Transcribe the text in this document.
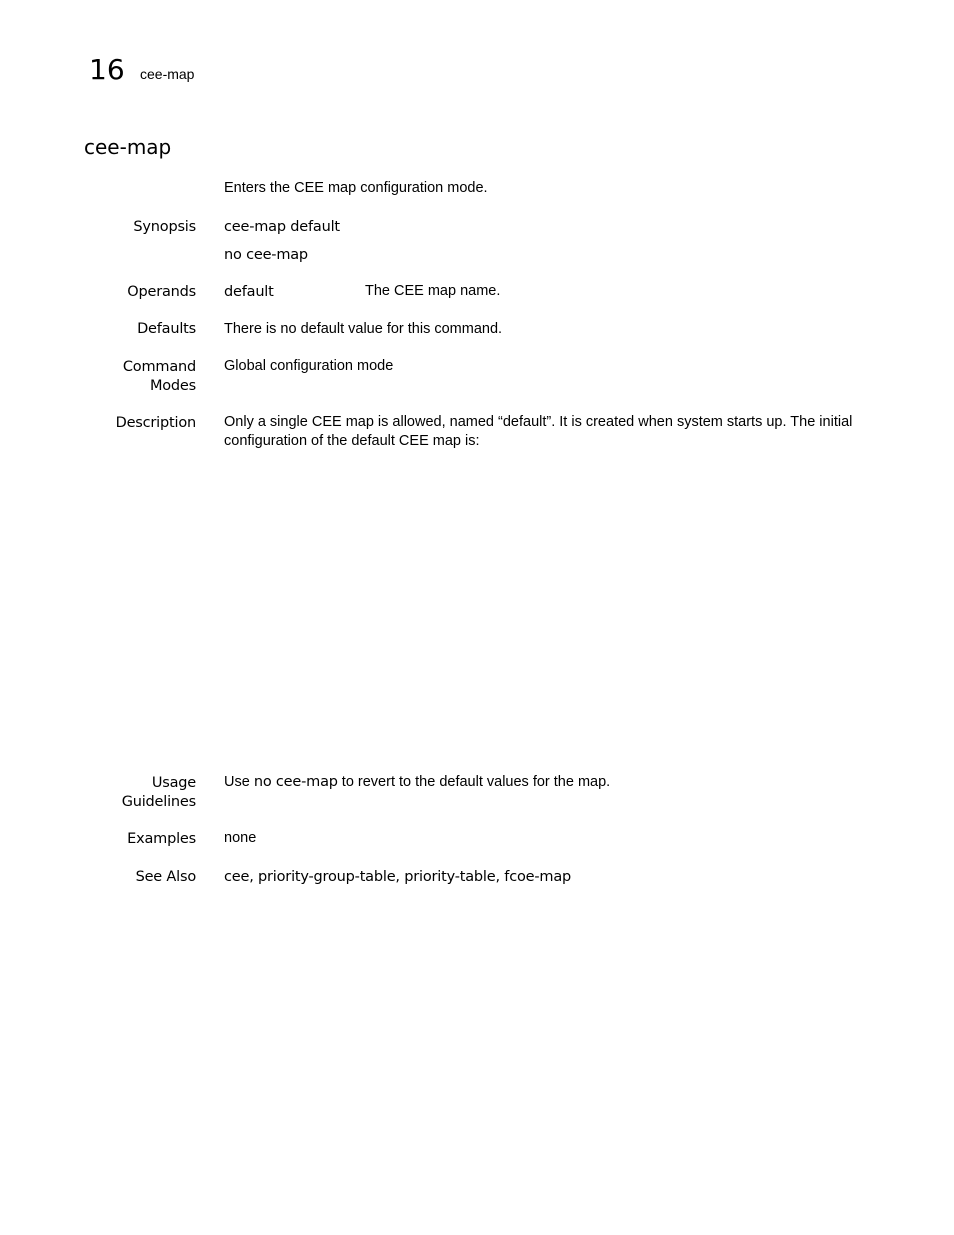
16 cee-map
cee-map
Enters the CEE map configuration mode.
Synopsis cee-map default
no cee-map
Operands default	The CEE map name.
Defaults There is no default value for this command.
Command
Modes
Global configuration mode
Description Only a single CEE map is allowed, named “default”. It is created when system starts up. The initial
configuration of the default CEE map is:
Usage
Guidelines
Use no cee-map to revert to the default values for the map.
Examples none
See Also cee, priority-group-table, priority-table, fcoe-map
